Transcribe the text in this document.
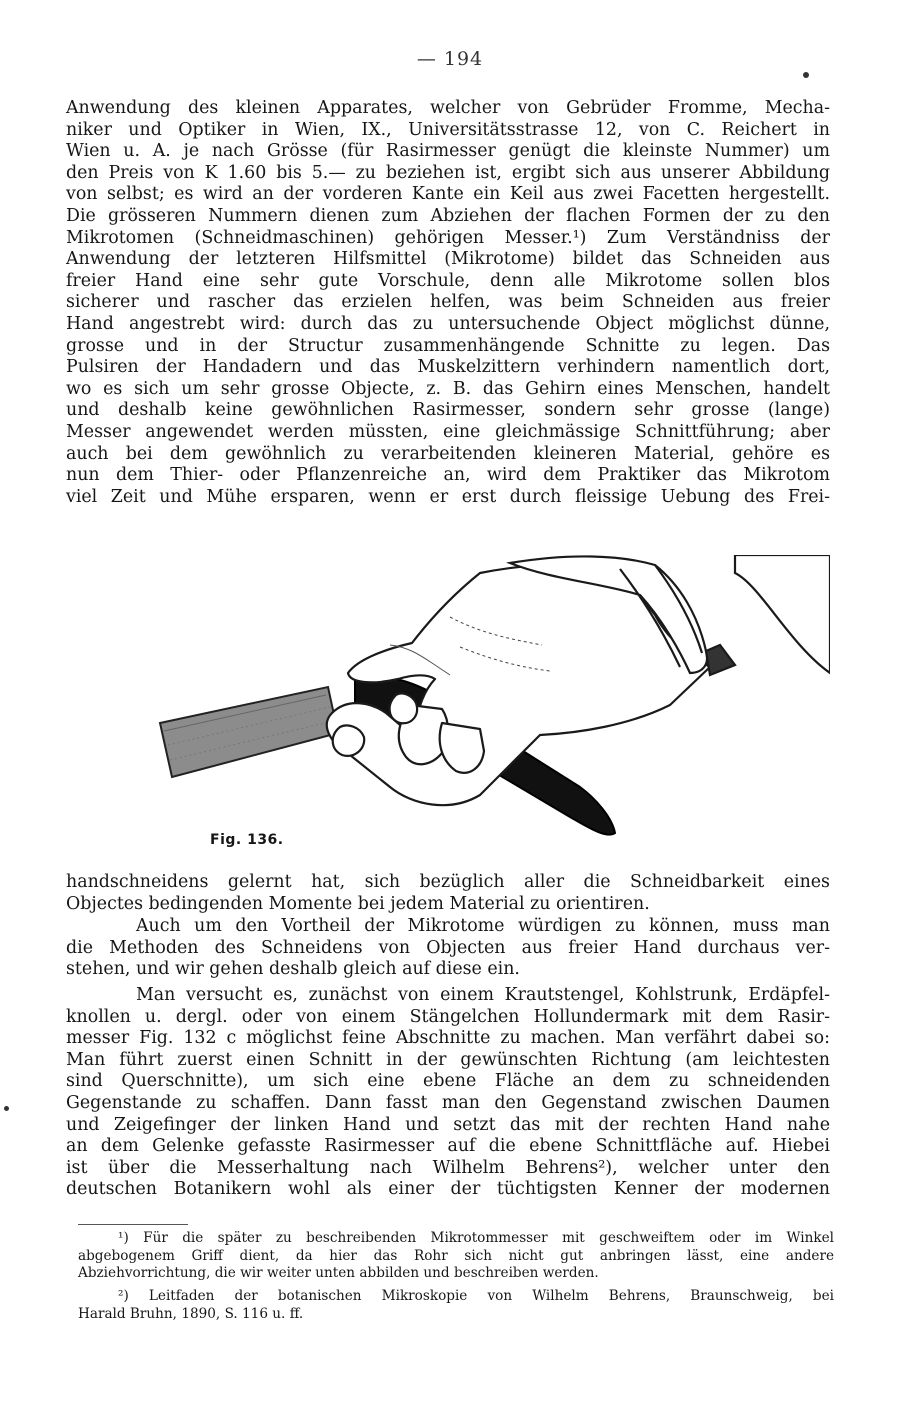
— 194
Anwendung des kleinen Apparates, welcher von Gebrüder Fromme, Mecha-
niker und Optiker in Wien, IX., Universitätsstrasse 12, von C. Reichert in
Wien u. A. je nach Grösse (für Rasirmesser genügt die kleinste Nummer) um
den Preis von K 1.60 bis 5.— zu beziehen ist, ergibt sich aus unserer Abbildung
von selbst; es wird an der vorderen Kante ein Keil aus zwei Facetten hergestellt.
Die grösseren Nummern dienen zum Abziehen der flachen Formen der zu den
Mikrotomen (Schneidmaschinen) gehörigen Messer.¹) Zum Verständniss der
Anwendung der letzteren Hilfsmittel (Mikrotome) bildet das Schneiden aus
freier Hand eine sehr gute Vorschule, denn alle Mikrotome sollen blos
sicherer und rascher das erzielen helfen, was beim Schneiden aus freier
Hand angestrebt wird: durch das zu untersuchende Object möglichst dünne,
grosse und in der Structur zusammenhängende Schnitte zu legen. Das
Pulsiren der Handadern und das Muskelzittern verhindern namentlich dort,
wo es sich um sehr grosse Objecte, z. B. das Gehirn eines Menschen, handelt
und deshalb keine gewöhnlichen Rasirmesser, sondern sehr grosse (lange)
Messer angewendet werden müssten, eine gleichmässige Schnittführung; aber
auch bei dem gewöhnlich zu verarbeitenden kleineren Material, gehöre es
nun dem Thier- oder Pflanzenreiche an, wird dem Praktiker das Mikrotom
viel Zeit und Mühe ersparen, wenn er erst durch fleissige Uebung des Frei-
Fig. 136.
handschneidens gelernt hat, sich bezüglich aller die Schneidbarkeit eines
Objectes bedingenden Momente bei jedem Material zu orientiren.
Auch um den Vortheil der Mikrotome würdigen zu können, muss man
die Methoden des Schneidens von Objecten aus freier Hand durchaus ver-
stehen, und wir gehen deshalb gleich auf diese ein.
Man versucht es, zunächst von einem Krautstengel, Kohlstrunk, Erdäpfel-
knollen u. dergl. oder von einem Stängelchen Hollundermark mit dem Rasir-
messer Fig. 132 c möglichst feine Abschnitte zu machen. Man verfährt dabei so:
Man führt zuerst einen Schnitt in der gewünschten Richtung (am leichtesten
sind Querschnitte), um sich eine ebene Fläche an dem zu schneidenden
Gegenstande zu schaffen. Dann fasst man den Gegenstand zwischen Daumen
und Zeigefinger der linken Hand und setzt das mit der rechten Hand nahe
an dem Gelenke gefasste Rasirmesser auf die ebene Schnittfläche auf. Hiebei
ist über die Messerhaltung nach Wilhelm Behrens²), welcher unter den
deutschen Botanikern wohl als einer der tüchtigsten Kenner der modernen
¹) Für die später zu beschreibenden Mikrotommesser mit geschweiftem oder im Winkel
abgebogenem Griff dient, da hier das Rohr sich nicht gut anbringen lässt, eine andere
Abziehvorrichtung, die wir weiter unten abbilden und beschreiben werden.
²) Leitfaden der botanischen Mikroskopie von Wilhelm Behrens, Braunschweig, bei
Harald Bruhn, 1890, S. 116 u. ff.
